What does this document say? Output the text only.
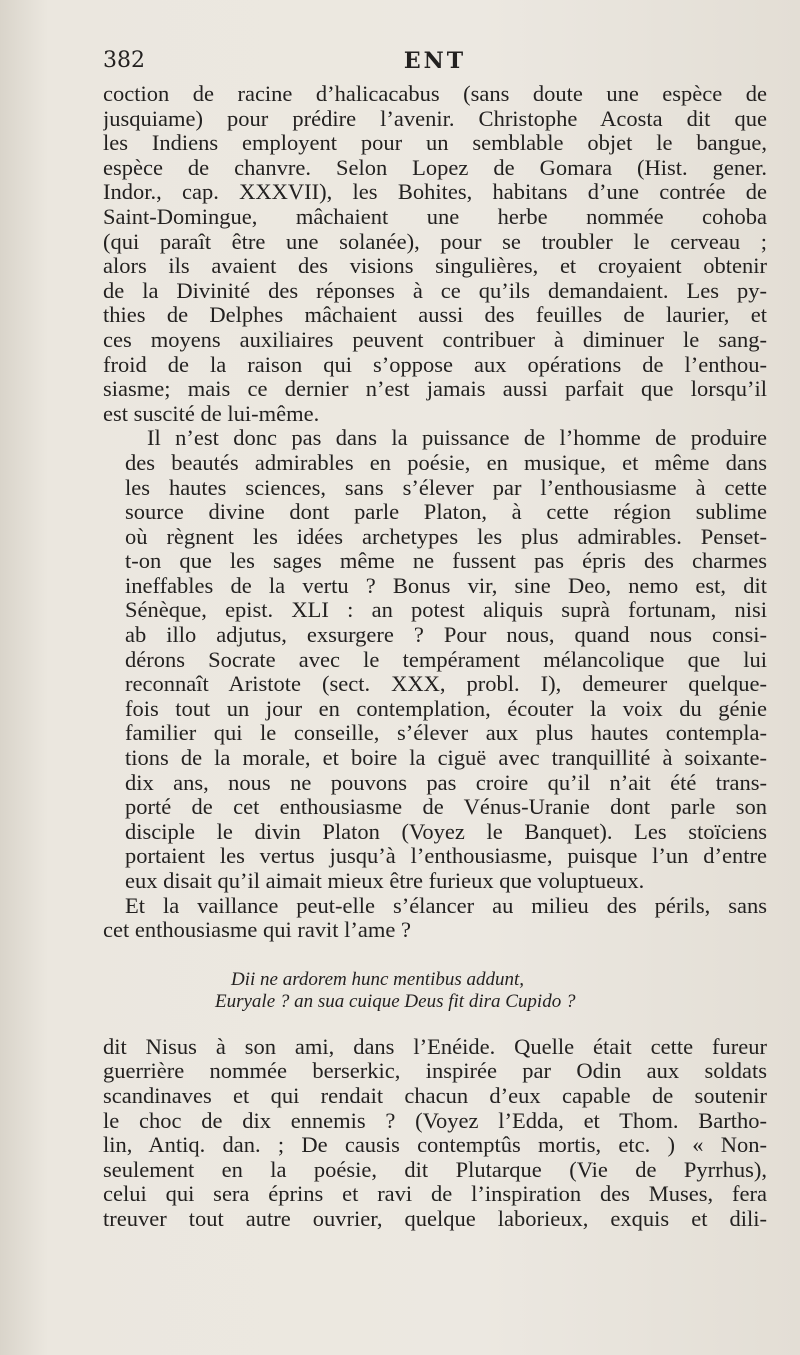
382	ENT

coction de racine d’halicacabus (sans doute une espèce de
jusquiame) pour prédire l’avenir. Christophe Acosta dit que
les Indiens employent pour un semblable objet le bangue,
espèce de chanvre. Selon Lopez de Gomara (Hist. gener.
Indor., cap. XXXVII), les Bohites, habitans d’une contrée de
Saint-Domingue, mâchaient une herbe nommée cohoba
(qui paraît être une solanée), pour se troubler le cerveau ;
alors ils avaient des visions singulières, et croyaient obtenir
de la Divinité des réponses à ce qu’ils demandaient. Les py-
thies de Delphes mâchaient aussi des feuilles de laurier, et
ces moyens auxiliaires peuvent contribuer à diminuer le sang-
froid de la raison qui s’oppose aux opérations de l’enthou-
siasme; mais ce dernier n’est jamais aussi parfait que lorsqu’il
est suscité de lui-même.

Il n’est donc pas dans la puissance de l’homme de produire
des beautés admirables en poésie, en musique, et même dans
les hautes sciences, sans s’élever par l’enthousiasme à cette
source divine dont parle Platon, à cette région sublime
où règnent les idées archetypes les plus admirables. Penset-
t-on que les sages même ne fussent pas épris des charmes
ineffables de la vertu ? Bonus vir, sine Deo, nemo est, dit
Sénèque, epist. XLI : an potest aliquis suprà fortunam, nisi
ab illo adjutus, exsurgere ? Pour nous, quand nous consi-
dérons Socrate avec le tempérament mélancolique que lui
reconnaît Aristote (sect. XXX, probl. I), demeurer quelque-
fois tout un jour en contemplation, écouter la voix du génie
familier qui le conseille, s’élever aux plus hautes contempla-
tions de la morale, et boire la ciguë avec tranquillité à soixante-
dix ans, nous ne pouvons pas croire qu’il n’ait été trans-
porté de cet enthousiasme de Vénus-Uranie dont parle son
disciple le divin Platon (Voyez le Banquet). Les stoïciens
portaient les vertus jusqu’à l’enthousiasme, puisque l’un d’entre
eux disait qu’il aimait mieux être furieux que voluptueux.

Et la vaillance peut-elle s’élancer au milieu des périls, sans
cet enthousiasme qui ravit l’ame ?

Dii ne ardorem hunc mentibus addunt,
Euryale ? an sua cuique Deus fit dira Cupido ?

dit Nisus à son ami, dans l’Enéide. Quelle était cette fureur
guerrière nommée berserkic, inspirée par Odin aux soldats
scandinaves et qui rendait chacun d’eux capable de soutenir
le choc de dix ennemis ? (Voyez l’Edda, et Thom. Bartho-
lin, Antiq. dan. ; De causis contemptûs mortis, etc. ) « Non-
seulement en la poésie, dit Plutarque (Vie de Pyrrhus),
celui qui sera éprins et ravi de l’inspiration des Muses, fera
treuver tout autre ouvrier, quelque laborieux, exquis et dili-
